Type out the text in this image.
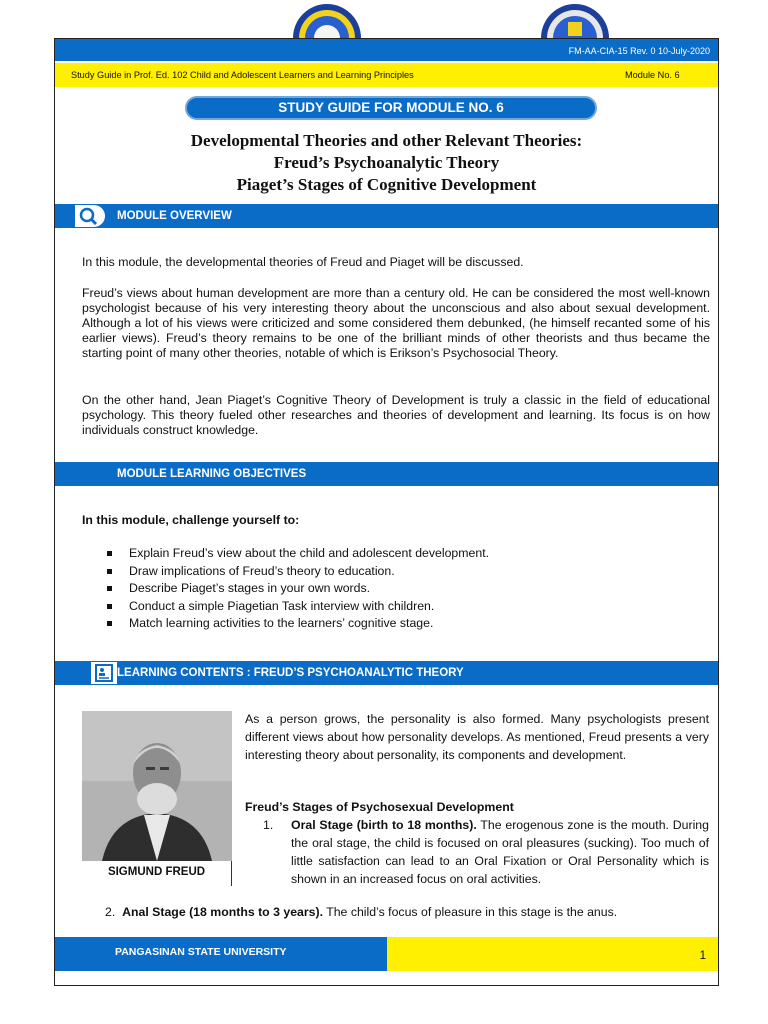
FM-AA-CIA-15 Rev. 0 10-July-2020
Study Guide in Prof. Ed. 102 Child and Adolescent Learners and Learning Principles	Module No. 6
STUDY GUIDE FOR MODULE NO. 6
Developmental Theories and other Relevant Theories:
Freud’s Psychoanalytic Theory
Piaget’s Stages of Cognitive Development
MODULE OVERVIEW
In this module, the developmental theories of Freud and Piaget will be discussed.
Freud’s views about human development are more than a century old. He can be considered the most well-known psychologist because of his very interesting theory about the unconscious and also about sexual development. Although a lot of his views were criticized and some considered them debunked, (he himself recanted some of his earlier views). Freud’s theory remains to be one of the brilliant minds of other theorists and thus became the starting point of many other theories, notable of which is Erikson’s Psychosocial Theory.
On the other hand, Jean Piaget’s Cognitive Theory of Development is truly a classic in the field of educational psychology. This theory fueled other researches and theories of development and learning. Its focus is on how individuals construct knowledge.
MODULE LEARNING OBJECTIVES
In this module, challenge yourself to:
Explain Freud’s view about the child and adolescent development.
Draw implications of Freud’s theory to education.
Describe Piaget’s stages in your own words.
Conduct a simple Piagetian Task interview with children.
Match learning activities to the learners’ cognitive stage.
LEARNING CONTENTS : FREUD’S PSYCHOANALYTIC THEORY
SIGMUND FREUD
As a person grows, the personality is also formed. Many psychologists present different views about how personality develops. As mentioned, Freud presents a very interesting theory about personality, its components and development.
Freud’s Stages of Psychosexual Development
1. Oral Stage (birth to 18 months). The erogenous zone is the mouth. During the oral stage, the child is focused on oral pleasures (sucking). Too much of little satisfaction can lead to an Oral Fixation or Oral Personality which is shown in an increased focus on oral activities.
2. Anal Stage (18 months to 3 years). The child’s focus of pleasure in this stage is the anus.
PANGASINAN STATE UNIVERSITY	1
